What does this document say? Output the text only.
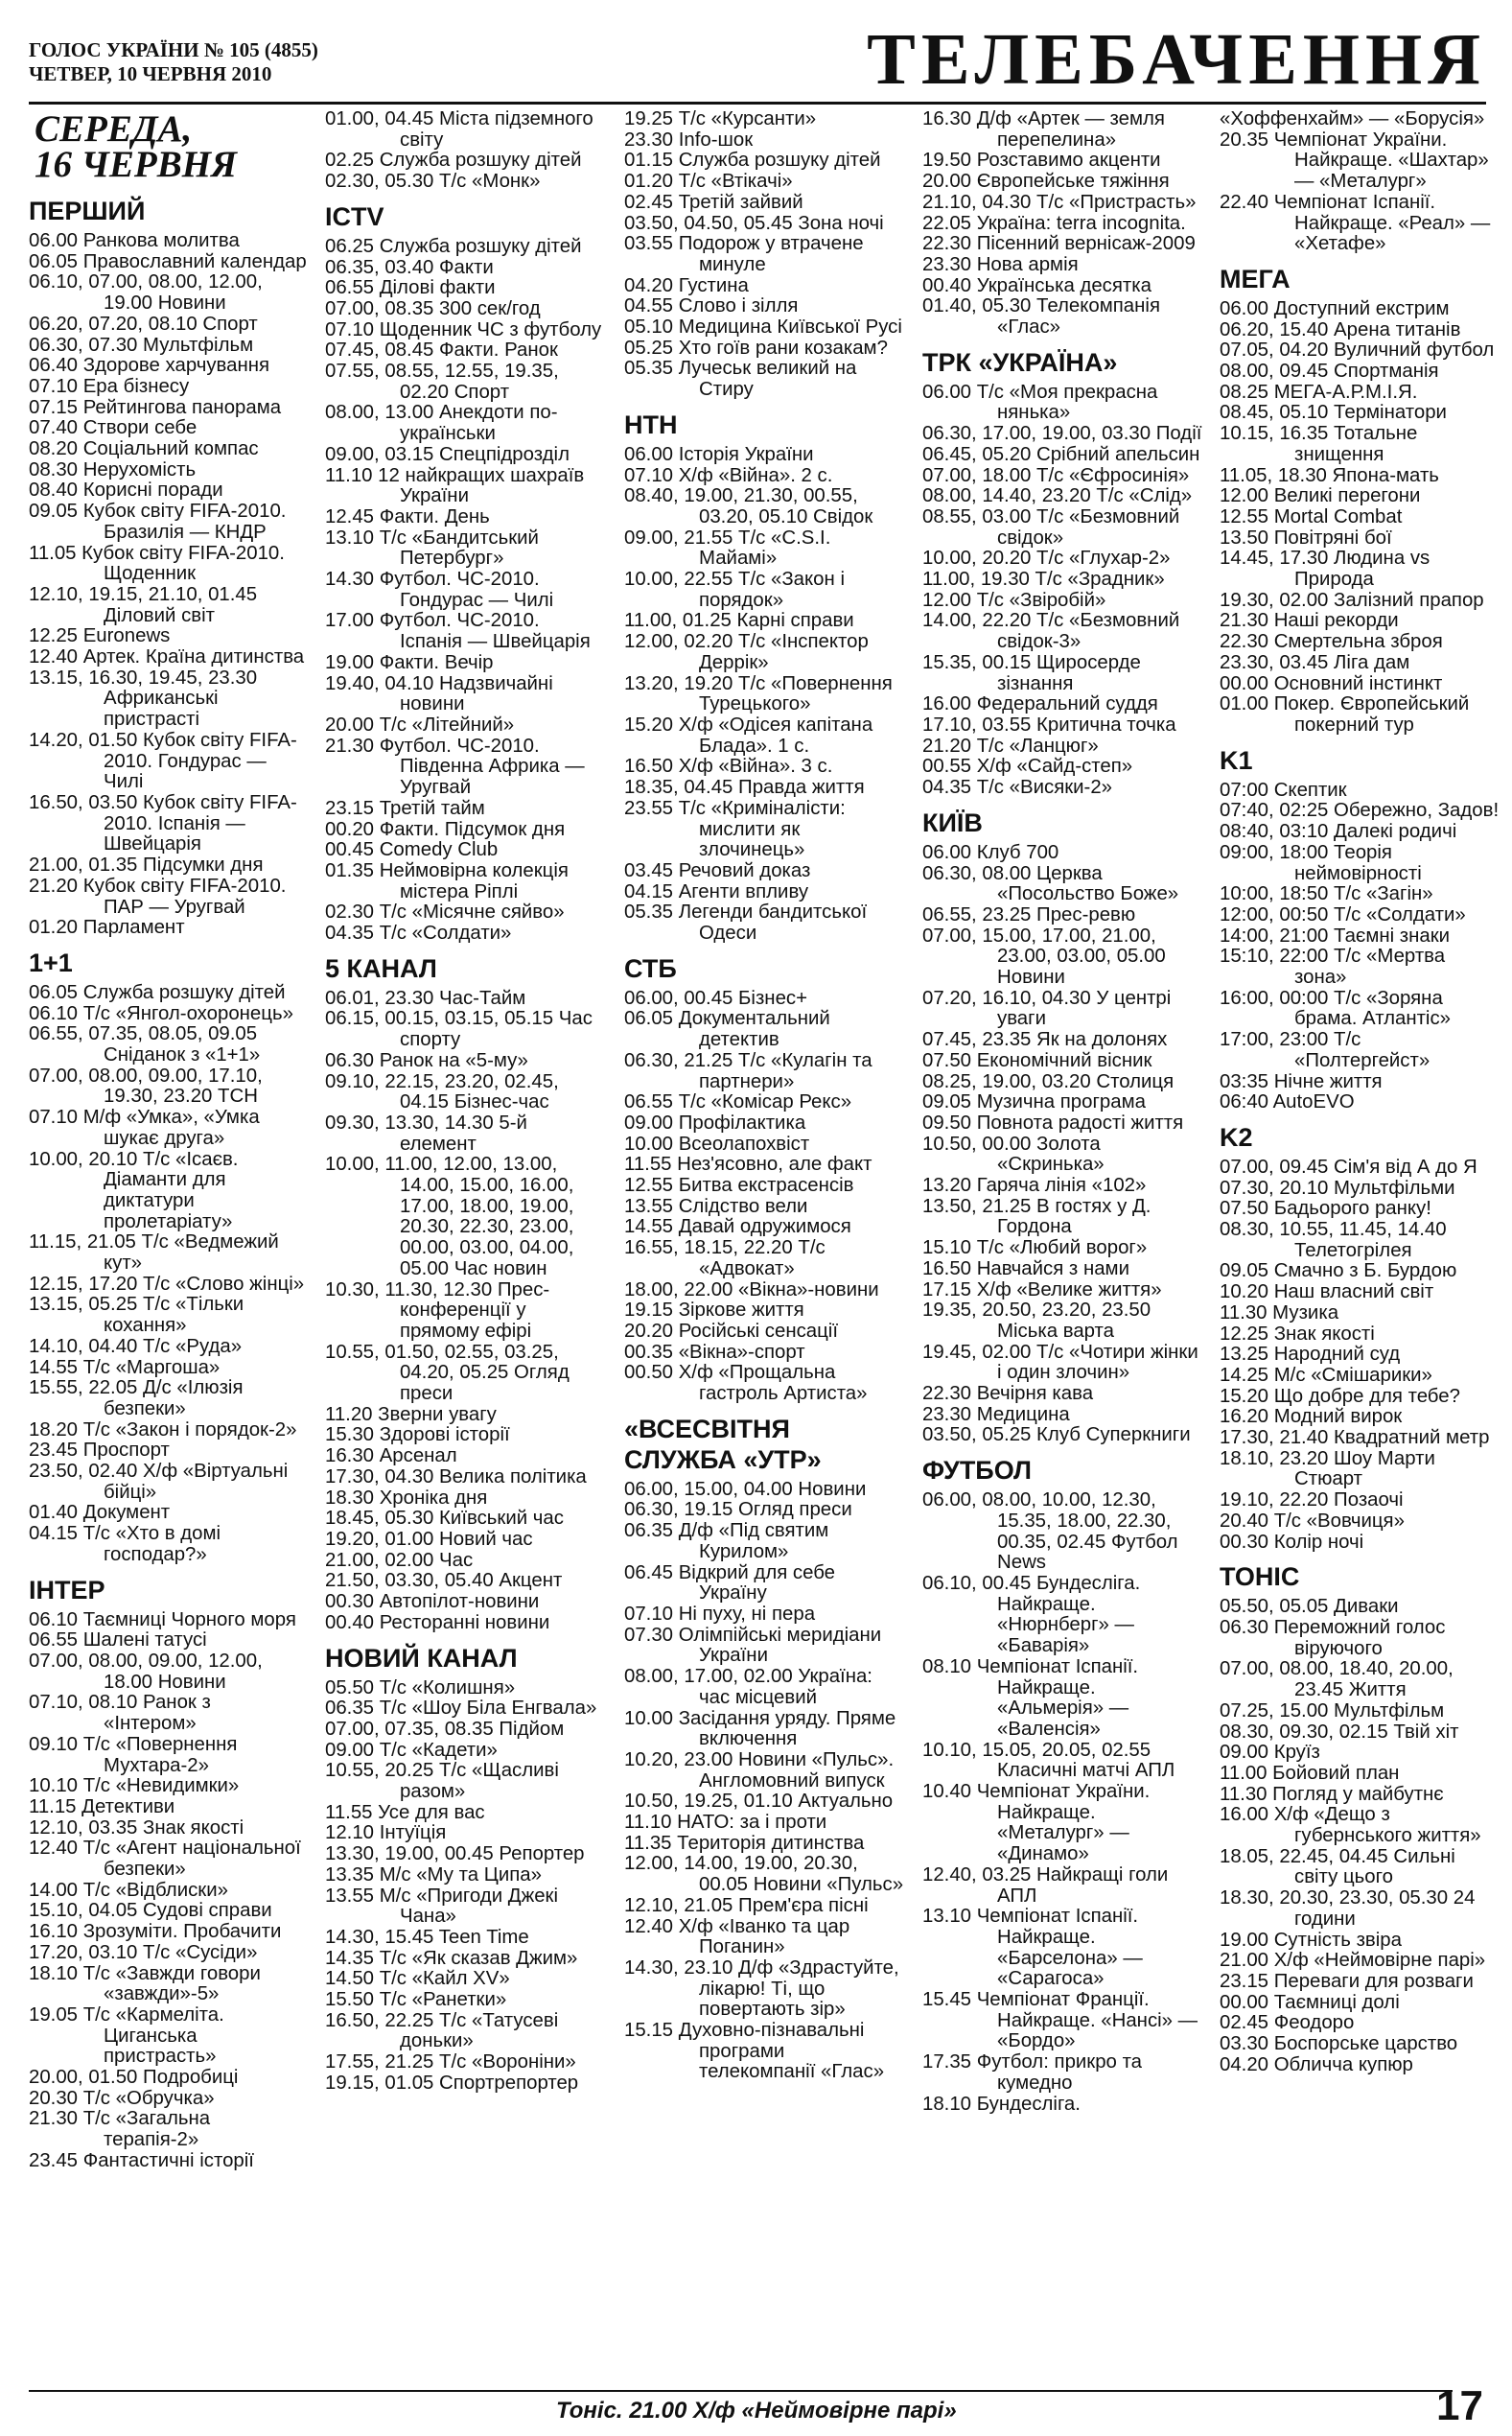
ГОЛОС УКРАЇНИ № 105 (4855)
ЧЕТВЕР, 10 ЧЕРВНЯ 2010	ТЕЛЕБАЧЕННЯ
СЕРЕДА,
16 ЧЕРВНЯ
ПЕРШИЙ
06.00 Ранкова молитва
06.05 Православний календар
06.10, 07.00, 08.00, 12.00, 19.00 Новини
06.20, 07.20, 08.10 Спорт
06.30, 07.30 Мультфільм
06.40 Здорове харчування
07.10 Ера бізнесу
07.15 Рейтингова панорама
07.40 Створи себе
08.20 Соціальний компас
08.30 Нерухомість
08.40 Корисні поради
09.05 Кубок світу FIFA-2010. Бразилія — КНДР
11.05 Кубок світу FIFA-2010. Щоденник
12.10, 19.15, 21.10, 01.45 Діловий світ
12.25 Euronews
12.40 Артек. Країна дитинства
13.15, 16.30, 19.45, 23.30 Африканські пристрасті
14.20, 01.50 Кубок світу FIFA-2010. Гондурас — Чилі
16.50, 03.50 Кубок світу FIFA-2010. Іспанія — Швейцарія
21.00, 01.35 Підсумки дня
21.20 Кубок світу FIFA-2010. ПАР — Уругвай
01.20 Парламент
1+1
06.05 Служба розшуку дітей
06.10 Т/с «Янгол-охоронець»
06.55, 07.35, 08.05, 09.05 Сніданок з «1+1»
07.00, 08.00, 09.00, 17.10, 19.30, 23.20 ТСН
07.10 М/ф «Умка», «Умка шукає друга»
10.00, 20.10 Т/с «Ісаєв. Діаманти для диктатури пролетаріату»
11.15, 21.05 Т/с «Ведмежий кут»
12.15, 17.20 Т/с «Слово жінці»
13.15, 05.25 Т/с «Тільки кохання»
14.10, 04.40 Т/с «Руда»
14.55 Т/с «Маргоша»
15.55, 22.05 Д/с «Ілюзія безпеки»
18.20 Т/с «Закон і порядок-2»
23.45 Проспорт
23.50, 02.40 Х/ф «Віртуальні бійці»
01.40 Документ
04.15 Т/с «Хто в домі господар?»
ІНТЕР
06.10 Таємниці Чорного моря
06.55 Шалені татусі
07.00, 08.00, 09.00, 12.00, 18.00 Новини
07.10, 08.10 Ранок з «Інтером»
09.10 Т/с «Повернення Мухтара-2»
10.10 Т/с «Невидимки»
11.15 Детективи
12.10, 03.35 Знак якості
12.40 Т/с «Агент національної безпеки»
14.00 Т/с «Відблиски»
15.10, 04.05 Судові справи
16.10 Зрозуміти. Пробачити
17.20, 03.10 Т/с «Сусіди»
18.10 Т/с «Завжди говори «завжди»-5»
19.05 Т/с «Кармеліта. Циганська пристрасть»
20.00, 01.50 Подробиці
20.30 Т/с «Обручка»
21.30 Т/с «Загальна терапія-2»
23.45 Фантастичні історії
01.00, 04.45 Міста підземного світу
02.25 Служба розшуку дітей
02.30, 05.30 Т/с «Монк»
ICTV
06.25 Служба розшуку дітей
06.35, 03.40 Факти
06.55 Ділові факти
07.00, 08.35 300 сек/год
07.10 Щоденник ЧС з футболу
07.45, 08.45 Факти. Ранок
07.55, 08.55, 12.55, 19.35, 02.20 Спорт
08.00, 13.00 Анекдоти по-українськи
09.00, 03.15 Спецпідрозділ
11.10 12 найкращих шахраїв України
12.45 Факти. День
13.10 Т/с «Бандитський Петербург»
14.30 Футбол. ЧС-2010. Гондурас — Чилі
17.00 Футбол. ЧС-2010. Іспанія — Швейцарія
19.00 Факти. Вечір
19.40, 04.10 Надзвичайні новини
20.00 Т/с «Літейний»
21.30 Футбол. ЧС-2010. Південна Африка — Уругвай
23.15 Третій тайм
00.20 Факти. Підсумок дня
00.45 Comedy Club
01.35 Неймовірна колекція містера Ріплі
02.30 Т/с «Місячне сяйво»
04.35 Т/с «Солдати»
5 КАНАЛ
06.01, 23.30 Час-Тайм
06.15, 00.15, 03.15, 05.15 Час спорту
06.30 Ранок на «5-му»
09.10, 22.15, 23.20, 02.45, 04.15 Бізнес-час
09.30, 13.30, 14.30 5-й елемент
10.00, 11.00, 12.00, 13.00, 14.00, 15.00, 16.00, 17.00, 18.00, 19.00, 20.30, 22.30, 23.00, 00.00, 03.00, 04.00, 05.00 Час новин
10.30, 11.30, 12.30 Прес-конференції у прямому ефірі
10.55, 01.50, 02.55, 03.25, 04.20, 05.25 Огляд преси
11.20 Зверни увагу
15.30 Здорові історії
16.30 Арсенал
17.30, 04.30 Велика політика
18.30 Хроніка дня
18.45, 05.30 Київський час
19.20, 01.00 Новий час
21.00, 02.00 Час
21.50, 03.30, 05.40 Акцент
00.30 Автопілот-новини
00.40 Ресторанні новини
НОВИЙ КАНАЛ
05.50 Т/с «Колишня»
06.35 Т/с «Шоу Біла Енгвала»
07.00, 07.35, 08.35 Підйом
09.00 Т/с «Кадети»
10.55, 20.25 Т/с «Щасливі разом»
11.55 Усе для вас
12.10 Інтуїція
13.30, 19.00, 00.45 Репортер
13.35 М/с «Му та Ципа»
13.55 М/с «Пригоди Джекі Чана»
14.30, 15.45 Teen Time
14.35 Т/с «Як сказав Джим»
14.50 Т/с «Кайл XV»
15.50 Т/с «Ранетки»
16.50, 22.25 Т/с «Татусеві доньки»
17.55, 21.25 Т/с «Вороніни»
19.15, 01.05 Спортрепортер
19.25 Т/с «Курсанти»
23.30 Info-шок
01.15 Служба розшуку дітей
01.20 Т/с «Втікачі»
02.45 Третій зайвий
03.50, 04.50, 05.45 Зона ночі
03.55 Подорож у втрачене минуле
04.20 Густина
04.55 Слово і зілля
05.10 Медицина Київської Русі
05.25 Хто гоїв рани козакам?
05.35 Лучеськ великий на Стиру
НТН
06.00 Історія України
07.10 Х/ф «Війна». 2 с.
08.40, 19.00, 21.30, 00.55, 03.20, 05.10 Свідок
09.00, 21.55 Т/с «C.S.I. Майамі»
10.00, 22.55 Т/с «Закон і порядок»
11.00, 01.25 Карні справи
12.00, 02.20 Т/с «Інспектор Деррік»
13.20, 19.20 Т/с «Повернення Турецького»
15.20 Х/ф «Одісея капітана Блада». 1 с.
16.50 Х/ф «Війна». 3 с.
18.35, 04.45 Правда життя
23.55 Т/с «Криміналісти: мислити як злочинець»
03.45 Речовий доказ
04.15 Агенти впливу
05.35 Легенди бандитської Одеси
СТБ
06.00, 00.45 Бізнес+
06.05 Документальний детектив
06.30, 21.25 Т/с «Кулагін та партнери»
06.55 Т/с «Комісар Рекс»
09.00 Профілактика
10.00 Всеолапохвіст
11.55 Нез'ясовно, але факт
12.55 Битва екстрасенсів
13.55 Слідство вели
14.55 Давай одружимося
16.55, 18.15, 22.20 Т/с «Адвокат»
18.00, 22.00 «Вікна»-новини
19.15 Зіркове життя
20.20 Російські сенсації
00.35 «Вікна»-спорт
00.50 Х/ф «Прощальна гастроль Артиста»
«ВСЕСВІТНЯ СЛУЖБА «УТР»
06.00, 15.00, 04.00 Новини
06.30, 19.15 Огляд преси
06.35 Д/ф «Під святим Курилом»
06.45 Відкрий для себе Україну
07.10 Ні пуху, ні пера
07.30 Олімпійські меридіани України
08.00, 17.00, 02.00 Україна: час місцевий
10.00 Засідання уряду. Пряме включення
10.20, 23.00 Новини «Пульс». Англомовний випуск
10.50, 19.25, 01.10 Актуально
11.10 НАТО: за і проти
11.35 Територія дитинства
12.00, 14.00, 19.00, 20.30, 00.05 Новини «Пульс»
12.10, 21.05 Прем'єра пісні
12.40 Х/ф «Іванко та цар Поганин»
14.30, 23.10 Д/ф «Здрастуйте, лікарю! Ті, що повертають зір»
15.15 Духовно-пізнавальні програми телекомпанії «Глас»
16.30 Д/ф «Артек — земля перепелина»
19.50 Розставимо акценти
20.00 Європейське тяжіння
21.10, 04.30 Т/с «Пристрасть»
22.05 Україна: terra incognita.
22.30 Пісенний вернісаж-2009
23.30 Нова армія
00.40 Українська десятка
01.40, 05.30 Телекомпанія «Глас»
ТРК «УКРАЇНА»
06.00 Т/с «Моя прекрасна нянька»
06.30, 17.00, 19.00, 03.30 Події
06.45, 05.20 Срібний апельсин
07.00, 18.00 Т/с «Єфросинія»
08.00, 14.40, 23.20 Т/с «Слід»
08.55, 03.00 Т/с «Безмовний свідок»
10.00, 20.20 Т/с «Глухар-2»
11.00, 19.30 Т/с «Зрадник»
12.00 Т/с «Звіробій»
14.00, 22.20 Т/с «Безмовний свідок-3»
15.35, 00.15 Щиросерде зізнання
16.00 Федеральний суддя
17.10, 03.55 Критична точка
21.20 Т/с «Ланцюг»
00.55 Х/ф «Сайд-степ»
04.35 Т/с «Висяки-2»
КИЇВ
06.00 Клуб 700
06.30, 08.00 Церква «Посольство Боже»
06.55, 23.25 Прес-ревю
07.00, 15.00, 17.00, 21.00, 23.00, 03.00, 05.00 Новини
07.20, 16.10, 04.30 У центрі уваги
07.45, 23.35 Як на долонях
07.50 Економічний вісник
08.25, 19.00, 03.20 Столиця
09.05 Музична програма
09.50 Повнота радості життя
10.50, 00.00 Золота «Скринька»
13.20 Гаряча лінія «102»
13.50, 21.25 В гостях у Д. Гордона
15.10 Т/с «Любий ворог»
16.50 Навчайся з нами
17.15 Х/ф «Велике життя»
19.35, 20.50, 23.20, 23.50 Міська варта
19.45, 02.00 Т/с «Чотири жінки і один злочин»
22.30 Вечірня кава
23.30 Медицина
03.50, 05.25 Клуб Суперкниги
ФУТБОЛ
06.00, 08.00, 10.00, 12.30, 15.35, 18.00, 22.30, 00.35, 02.45 Футбол News
06.10, 00.45 Бундесліга. Найкраще. «Нюрнберг» — «Баварія»
08.10 Чемпіонат Іспанії. Найкраще. «Альмерія» — «Валенсія»
10.10, 15.05, 20.05, 02.55 Класичні матчі АПЛ
10.40 Чемпіонат України. Найкраще. «Металург» — «Динамо»
12.40, 03.25 Найкращі голи АПЛ
13.10 Чемпіонат Іспанії. Найкраще. «Барселона» — «Сарагоса»
15.45 Чемпіонат Франції. Найкраще. «Нансі» — «Бордо»
17.35 Футбол: прикро та кумедно
18.10 Бундесліга.
«Хоффенхайм» — «Борусія»
20.35 Чемпіонат України. Найкраще. «Шахтар» — «Металург»
22.40 Чемпіонат Іспанії. Найкраще. «Реал» — «Хетафе»
МЕГА
06.00 Доступний екстрим
06.20, 15.40 Арена титанів
07.05, 04.20 Вуличний футбол
08.00, 09.45 Спортманія
08.25 МЕГА-А.Р.М.І.Я.
08.45, 05.10 Термінатори
10.15, 16.35 Тотальне знищення
11.05, 18.30 Япона-мать
12.00 Великі перегони
12.55 Mortal Combat
13.50 Повітряні бої
14.45, 17.30 Людина vs Природа
19.30, 02.00 Залізний прапор
21.30 Наші рекорди
22.30 Смертельна зброя
23.30, 03.45 Ліга дам
00.00 Основний інстинкт
01.00 Покер. Європейський покерний тур
K1
07:00 Скептик
07:40, 02:25 Обережно, Задов!
08:40, 03:10 Далекі родичі
09:00, 18:00 Теорія неймовірності
10:00, 18:50 Т/с «Загін»
12:00, 00:50 Т/с «Солдати»
14:00, 21:00 Таємні знаки
15:10, 22:00 Т/с «Мертва зона»
16:00, 00:00 Т/с «Зоряна брама. Атлантіс»
17:00, 23:00 Т/с «Полтергейст»
03:35 Нічне життя
06:40 AutoEVO
K2
07.00, 09.45 Сім'я від А до Я
07.30, 20.10 Мультфільми
07.50 Бадьорого ранку!
08.30, 10.55, 11.45, 14.40 Телетогрілея
09.05 Смачно з Б. Бурдою
10.20 Наш власний світ
11.30 Музика
12.25 Знак якості
13.25 Народний суд
14.25 М/с «Смішарики»
15.20 Що добре для тебе?
16.20 Модний вирок
17.30, 21.40 Квадратний метр
18.10, 23.20 Шоу Марти Стюарт
19.10, 22.20 Позаочі
20.40 Т/с «Вовчиця»
00.30 Колір ночі
ТОНІС
05.50, 05.05 Диваки
06.30 Переможний голос віруючого
07.00, 08.00, 18.40, 20.00, 23.45 Життя
07.25, 15.00 Мультфільм
08.30, 09.30, 02.15 Твій хіт
09.00 Круїз
11.00 Бойовий план
11.30 Погляд у майбутнє
16.00 Х/ф «Дещо з губернського життя»
18.05, 22.45, 04.45 Сильні світу цього
18.30, 20.30, 23.30, 05.30 24 години
19.00 Сутність звіра
21.00 Х/ф «Неймовірне парі»
23.15 Переваги для розваги
00.00 Таємниці долі
02.45 Феодоро
03.30 Боспорське царство
04.20 Обличча купюр
Тоніс. 21.00 Х/ф «Неймовірне парі»	17
